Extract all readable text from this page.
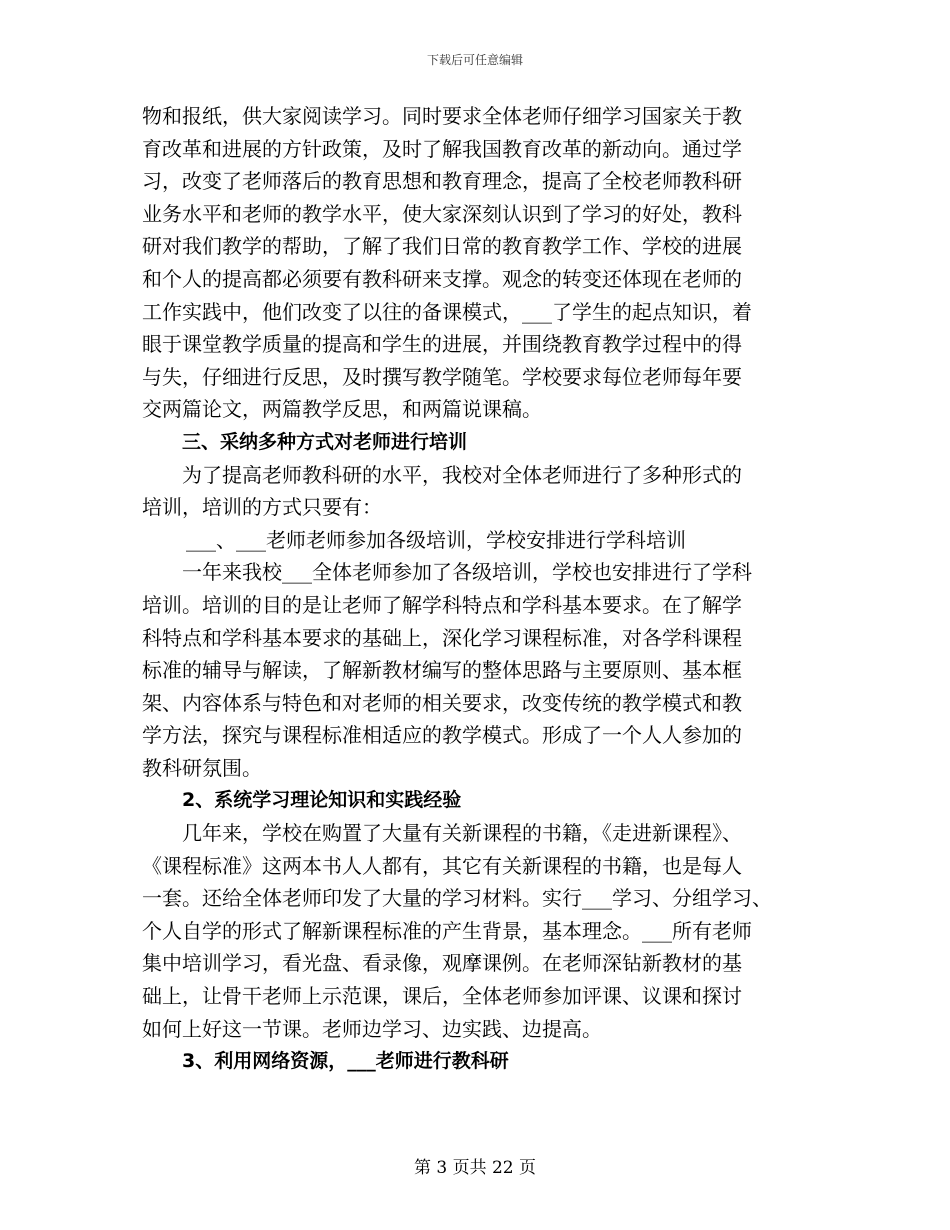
下载后可任意编辑
物和报纸，供大家阅读学习。同时要求全体老师仔细学习国家关于教
育改革和进展的方针政策，及时了解我国教育改革的新动向。通过学
习，改变了老师落后的教育思想和教育理念，提高了全校老师教科研
业务水平和老师的教学水平，使大家深刻认识到了学习的好处，教科
研对我们教学的帮助，了解了我们日常的教育教学工作、学校的进展
和个人的提高都必须要有教科研来支撑。观念的转变还体现在老师的
工作实践中，他们改变了以往的备课模式，___了学生的起点知识，着
眼于课堂教学质量的提高和学生的进展，并围绕教育教学过程中的得
与失，仔细进行反思，及时撰写教学随笔。学校要求每位老师每年要
交两篇论文，两篇教学反思，和两篇说课稿。
三、采纳多种方式对老师进行培训
为了提高老师教科研的水平，我校对全体老师进行了多种形式的
培训，培训的方式只要有：
___、___老师老师参加各级培训，学校安排进行学科培训
一年来我校___全体老师参加了各级培训，学校也安排进行了学科
培训。培训的目的是让老师了解学科特点和学科基本要求。在了解学
科特点和学科基本要求的基础上，深化学习课程标准，对各学科课程
标准的辅导与解读，了解新教材编写的整体思路与主要原则、基本框
架、内容体系与特色和对老师的相关要求，改变传统的教学模式和教
学方法，探究与课程标准相适应的教学模式。形成了一个人人参加的
教科研氛围。
2、系统学习理论知识和实践经验
几年来，学校在购置了大量有关新课程的书籍，《走进新课程》、
《课程标准》这两本书人人都有，其它有关新课程的书籍，也是每人
一套。还给全体老师印发了大量的学习材料。实行___学习、分组学习、
个人自学的形式了解新课程标准的产生背景，基本理念。___所有老师
集中培训学习，看光盘、看录像，观摩课例。在老师深钻新教材的基
础上，让骨干老师上示范课，课后，全体老师参加评课、议课和探讨
如何上好这一节课。老师边学习、边实践、边提高。
3、利用网络资源，___老师进行教科研
第 3 页共 22 页
